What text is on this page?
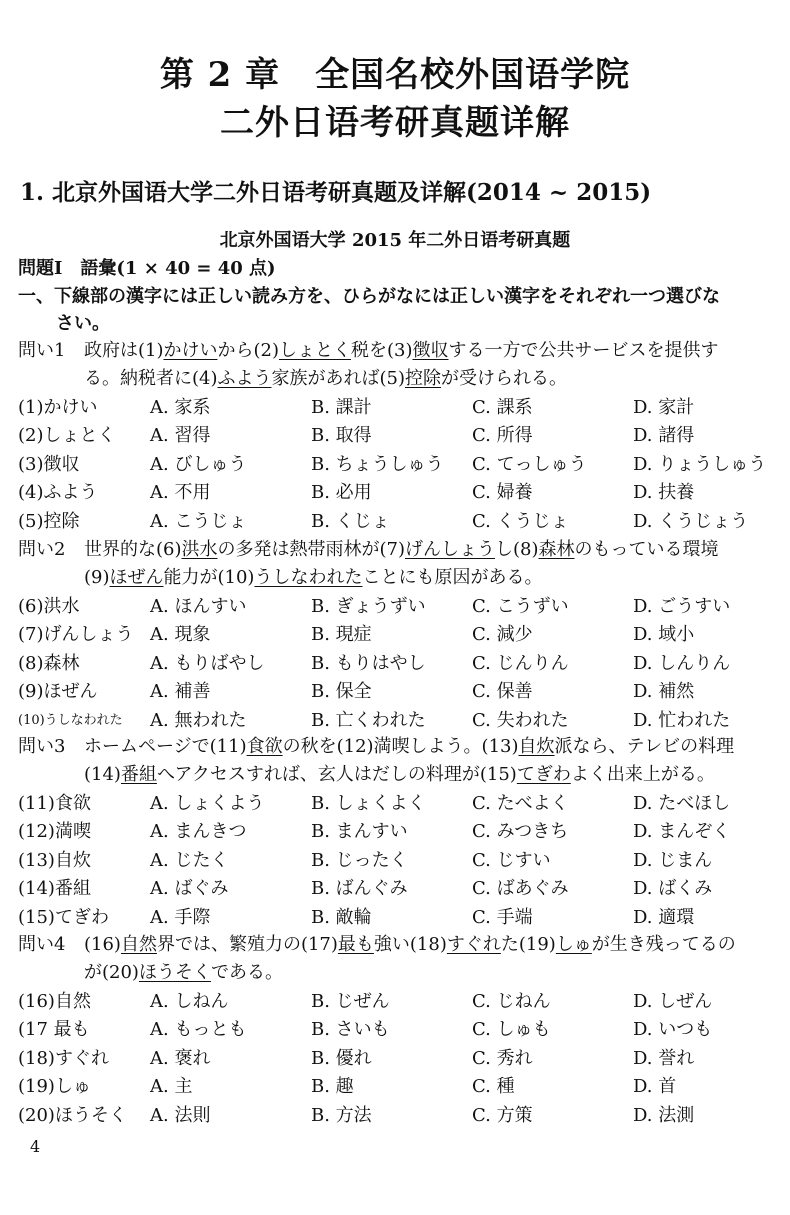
第 2 章　全国名校外国语学院
二外日语考研真题详解
1. 北京外国语大学二外日语考研真题及详解(2014 ~ 2015)
北京外国语大学 2015 年二外日语考研真题
問題Ⅰ　語彙(1 × 40 = 40 点)
一、下線部の漢字には正しい読み方を、ひらがなには正しい漢字をそれぞれ一つ選びな
さい。
問い1 政府は(1)かけいから(2)しょとく税を(3)徴収する一方で公共サービスを提供す
る。納税者に(4)ふよう家族があれば(5)控除が受けられる。
(1)かけい	A. 家系	B. 課計	C. 課系	D. 家計
(2)しょとく A. 習得	B. 取得	C. 所得	D. 諸得
(3)徴収	A. びしゅう	B. ちょうしゅう C. てっしゅう	D. りょうしゅう
(4)ふよう	A. 不用	B. 必用	C. 婦養	D. 扶養
(5)控除	A. こうじょ	B. くじょ	C. くうじょ	D. くうじょう
問い2 世界的な(6)洪水の多発は熱帯雨林が(7)げんしょうし(8)森林のもっている環境
(9)ほぜん能力が(10)うしなわれたことにも原因がある。
(6)洪水	A. ほんすい	B. ぎょうずい	C. こうずい	D. ごうすい
(7)げんしょう A. 現象	B. 現症	C. 減少	D. 域小
(8)森林	A. もりばやし	B. もりはやし	C. じんりん	D. しんりん
(9)ほぜん	A. 補善	B. 保全	C. 保善	D. 補然
(10)うしなわれた A. 無われた	B. 亡くわれた	C. 失われた	D. 忙われた
問い3 ホームページで(11)食欲の秋を(12)満喫しよう。(13)自炊派なら、テレビの料理
(14)番組へアクセスすれば、玄人はだしの料理が(15)てぎわよく出来上がる。
(11)食欲	A. しょくよう	B. しょくよく	C. たべよく	D. たべほし
(12)満喫	A. まんきつ	B. まんすい	C. みつきち	D. まんぞく
(13)自炊	A. じたく	B. じったく	C. じすい	D. じまん
(14)番組	A. ばぐみ	B. ばんぐみ	C. ばあぐみ	D. ばくみ
(15)てぎわ A. 手際	B. 敵輪	C. 手端	D. 適環
問い4 (16)自然界では、繁殖力の(17)最も強い(18)すぐれた(19)しゅが生き残ってるの
が(20)ほうそくである。
(16)自然	A. しねん	B. じぜん	C. じねん	D. しぜん
(17 最も	A. もっとも	B. さいも	C. しゅも	D. いつも
(18)すぐれ A. 褒れ	B. 優れ	C. 秀れ	D. 誉れ
(19)しゅ	A. 主	B. 趣	C. 種	D. 首
(20)ほうそく A. 法則	B. 方法	C. 方策	D. 法測
4
